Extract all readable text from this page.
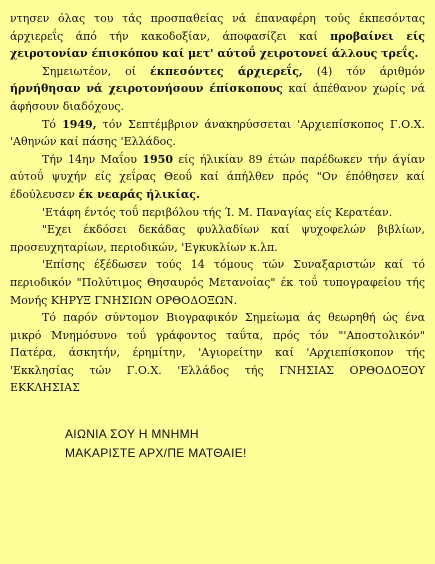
ντησεν όλας του τάς προσπαθείας νά έπαναφέρη τούς έκπεσόντας άρχιερεΐς άπό τήν κακοδοξίαν, άποφασίζει καί προβαίνει είς χειροτονίαν έπισκόπου καί μετ' αύτοΰ χειροτονεί άλλους τρεΐς.

Σημειωτέον, οί έκπεσόντες άρχιερεΐς, (4) τόν άριθμόν ήρνήθησαν νά χειροτονήσουν έπίσκοπους καί άπέθανον χωρίς νά άφήσουν διαδόχους.

Τό 1949, τόν Σεπτέμβριον άνακηρύσσεται 'Αρχιεπίσκοπος Γ.Ο.Χ. 'Αθηνών καί πάσης 'Ελλάδος.

Τήν 14ην Μαΐου 1950 είς ήλικίαν 89 έτών παρέδωκεν τήν άγίαν αύτοΰ ψυχήν είς χεΐρας Θεοΰ καί άπήλθεν πρός "Ον έπόθησεν καί έδούλευσεν έκ νεαράς ήλικίας.

'Ετάφη έντός τοΰ περιβόλου τής Ί. Μ. Παναγίας είς Κερατέαν.

"Εχει έκδόσει δεκάδας φυλλαδίων καί ψυχοφελών βιβλίων, προσευχηταρίων, περιοδικών, 'Εγκυκλίων κ.λπ.

'Επίσης έξέδωσεν τούς 14 τόμους τών Συναξαριστών καί τό περιοδικόν "Πολύτιμος Θησαυρός Μετανοίας" έκ τοΰ τυπογραφείου τής Μονής ΚΗΡΥΞ ΓΝΗΣΙΩΝ ΟΡΘΟΔΟΞΩΝ.

Τό παρόν σύντομον Βιογραφικόν Σημείωμα άς θεωρηθή ώς ένα μικρό Μνημόσυνο τοΰ γράφοντος ταΰτα, πρός τόν "'Αποστολικόν" Πατέρα, άσκητήν, έρημίτην, 'Αγιορείτην καί 'Αρχιεπίσκοπον τής 'Εκκλησίας τών Γ.Ο.Χ. 'Ελλάδος τής ΓΝΗΣΙΑΣ ΟΡΘΟΔΟΞΟΥ ΕΚΚΛΗΣΙΑΣ

ΑΙΩΝΙΑ ΣΟΥ Η ΜΝΗΜΗ
ΜΑΚΑΡΙΣΤΕ ΑΡΧ/ΠΕ ΜΑΤΘΑΙΕ!
